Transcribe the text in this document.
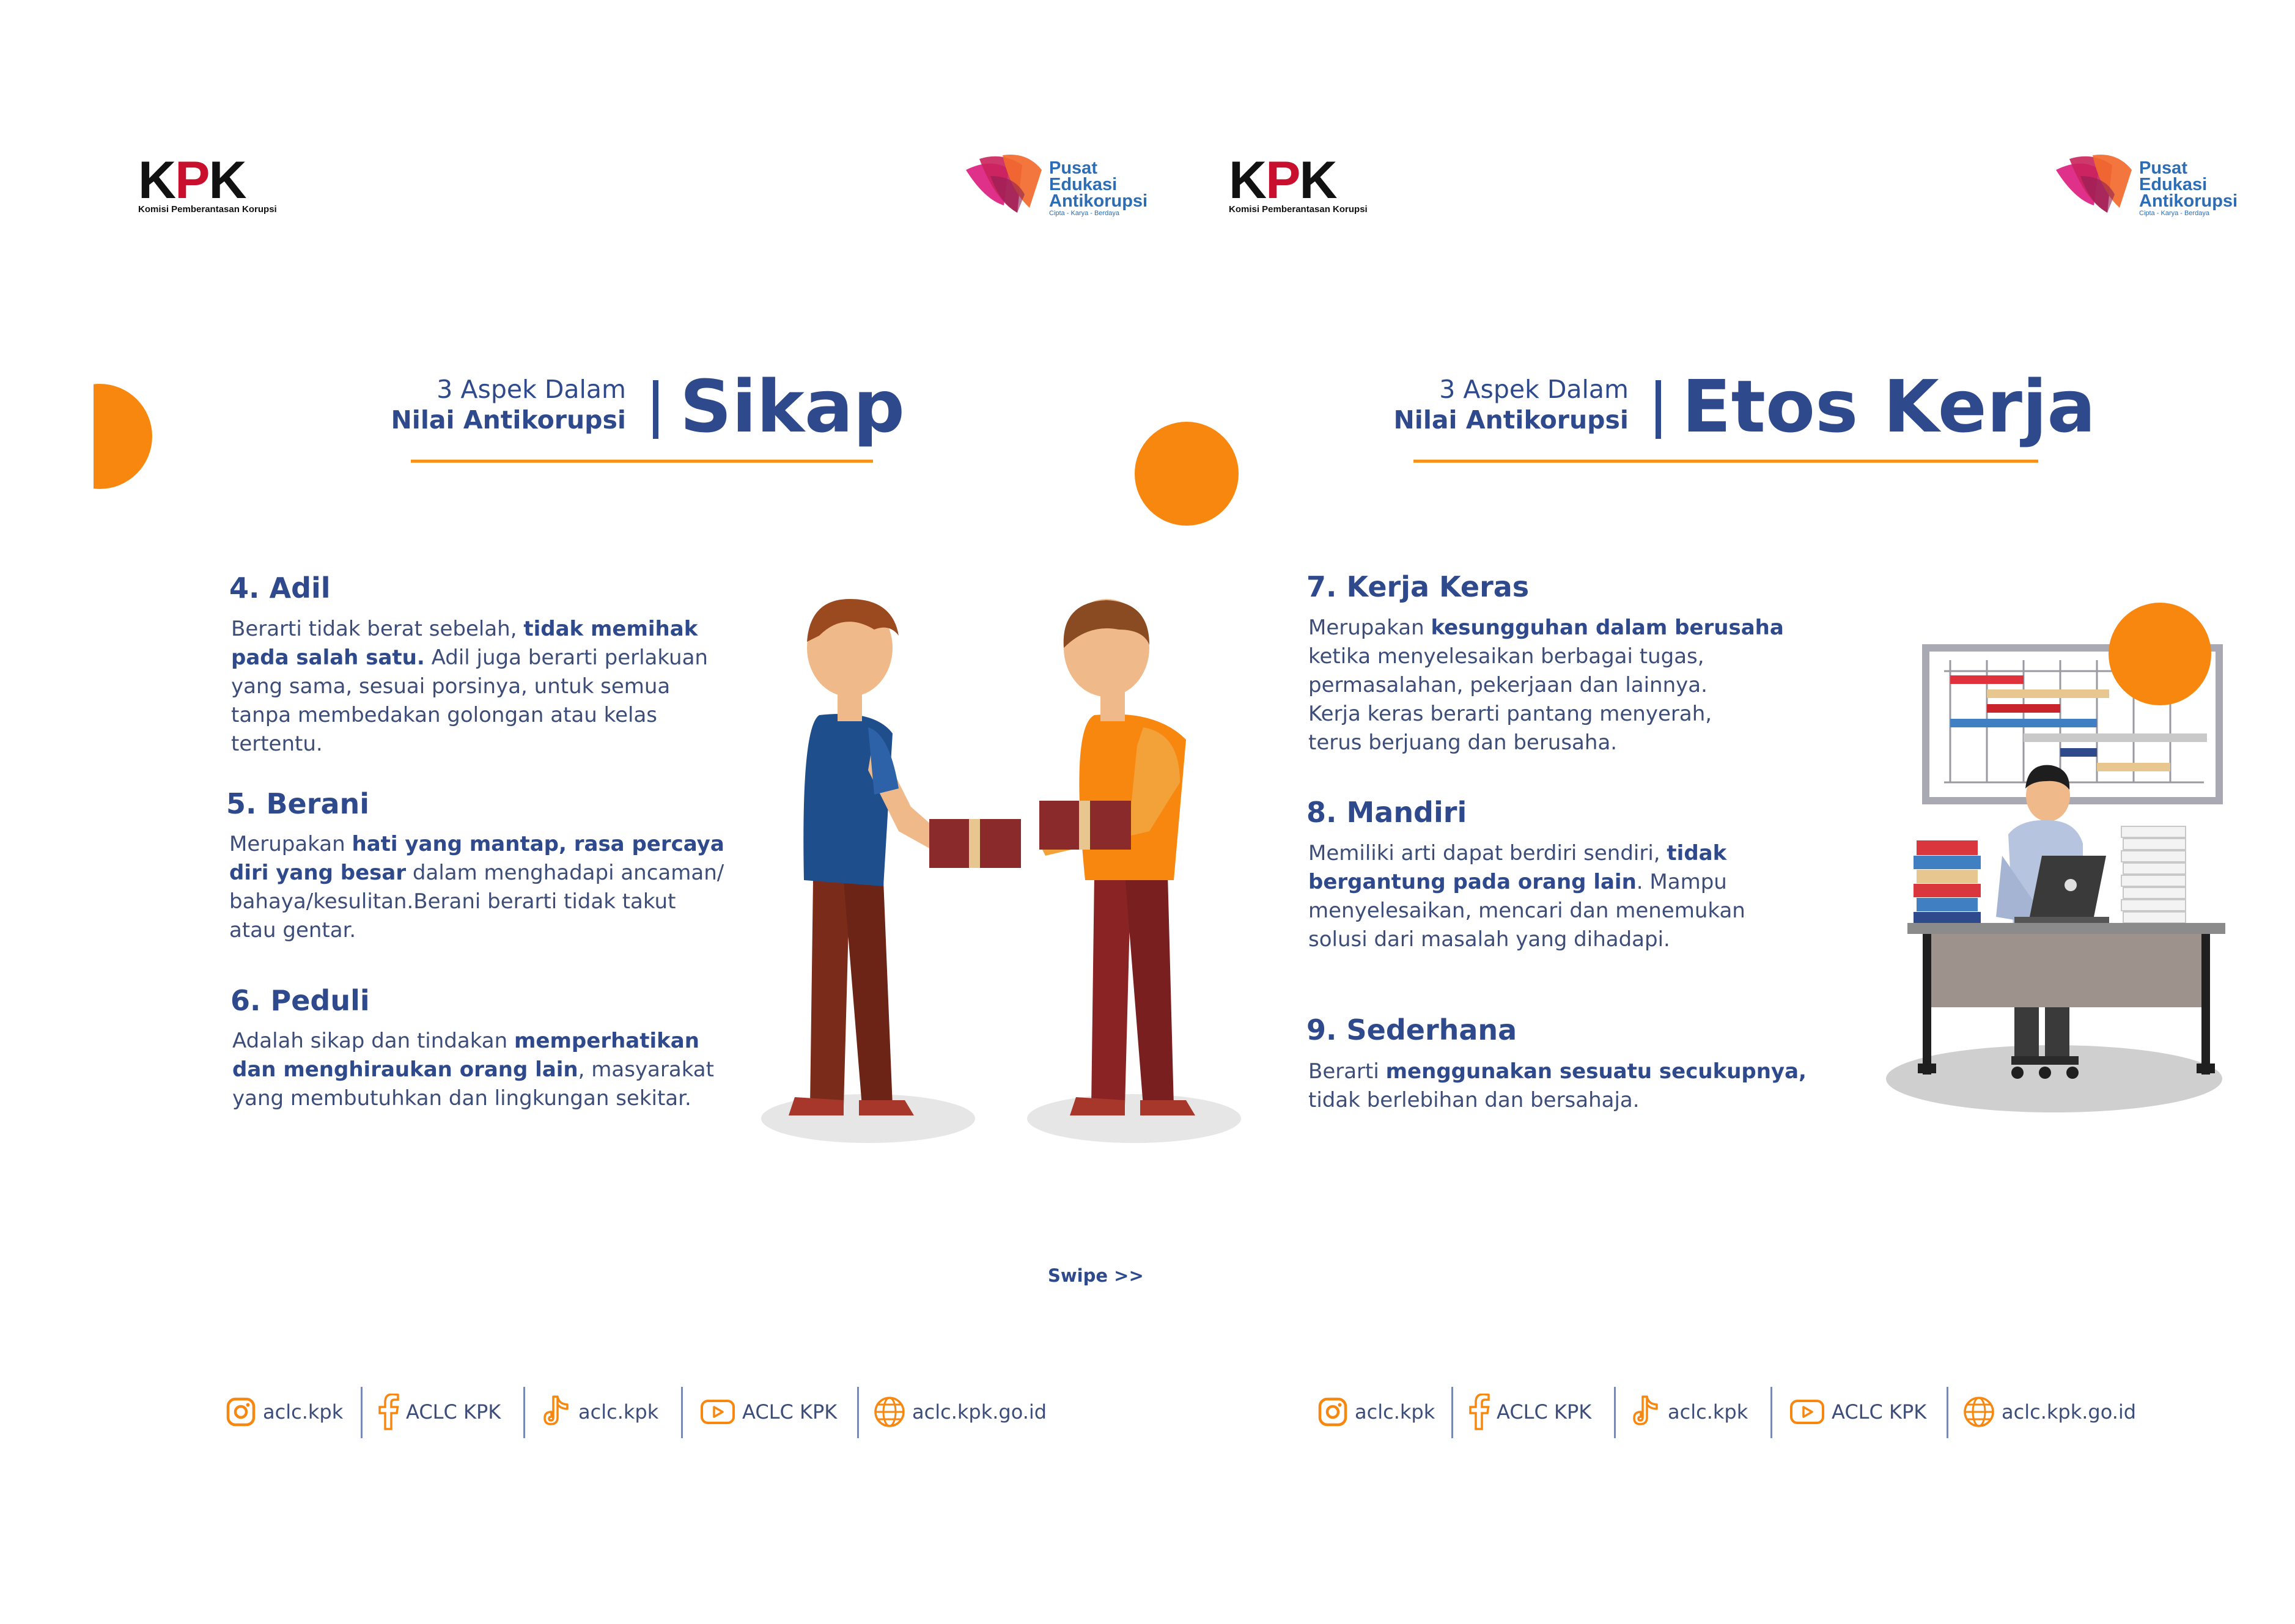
KPK
Komisi Pemberantasan Korupsi
Pusat
Edukasi
Antikorupsi
Cipta - Karya - Berdaya
3 Aspek Dalam
Nilai Antikorupsi Sikap
4. Adil
Berarti tidak berat sebelah, tidak memihak
pada salah satu. Adil juga berarti perlakuan
yang sama, sesuai porsinya, untuk semua
tanpa membedakan golongan atau kelas
tertentu.
5. Berani
Merupakan hati yang mantap, rasa percaya
diri yang besar dalam menghadapi ancaman/
bahaya/kesulitan.Berani berarti tidak takut
atau gentar.
6. Peduli
Adalah sikap dan tindakan memperhatikan
dan menghiraukan orang lain, masyarakat
yang membutuhkan dan lingkungan sekitar.
aclc.kpk	ACLC KPK	aclc.kpk	ACLC KPK	aclc.kpk.go.id
KPK
Komisi Pemberantasan Korupsi
Pusat
Edukasi
Antikorupsi
Cipta - Karya - Berdaya
3 Aspek Dalam
Nilai Antikorupsi Etos Kerja
7. Kerja Keras
Merupakan kesungguhan dalam berusaha
ketika menyelesaikan berbagai tugas,
permasalahan, pekerjaan dan lainnya.
Kerja keras berarti pantang menyerah,
terus berjuang dan berusaha.
8. Mandiri
Memiliki arti dapat berdiri sendiri, tidak
bergantung pada orang lain. Mampu
menyelesaikan, mencari dan menemukan
solusi dari masalah yang dihadapi.
9. Sederhana
Berarti menggunakan sesuatu secukupnya,
tidak berlebihan dan bersahaja.
aclc.kpk	ACLC KPK	aclc.kpk	ACLC KPK	aclc.kpk.go.id
Swipe >>
